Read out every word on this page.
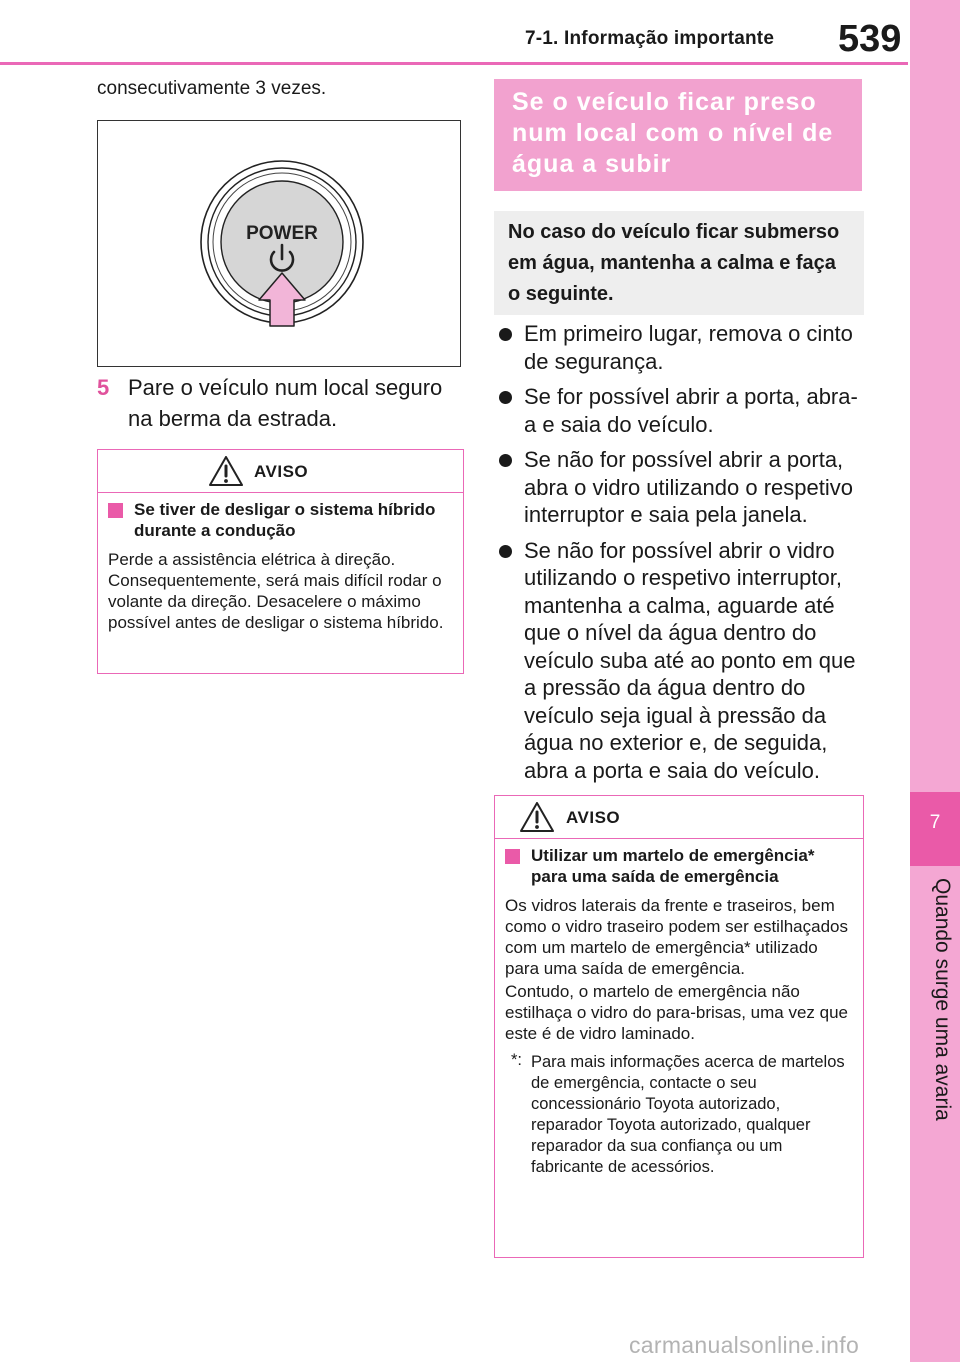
7-1. Informação importante 539
7
Quando surge uma avaria
consecutivamente 3 vezes.
POWER
5 Pare o veículo num local seguro na berma da estrada.
AVISO
Se tiver de desligar o sistema híbrido durante a condução
Perde a assistência elétrica à direção. Consequentemente, será mais difícil rodar o volante da direção. Desacelere o máximo possível antes de desligar o sistema híbrido.
Se o veículo ficar preso num local com o nível de água a subir
No caso do veículo ficar submerso em água, mantenha a calma e faça o seguinte.
Em primeiro lugar, remova o cinto de segurança.
Se for possível abrir a porta, abra-a e saia do veículo.
Se não for possível abrir a porta, abra o vidro utilizando o respetivo interruptor e saia pela janela.
Se não for possível abrir o vidro utilizando o respetivo interruptor, mantenha a calma, aguarde até que o nível da água dentro do veículo suba até ao ponto em que a pressão da água dentro do veículo seja igual à pressão da água no exterior e, de seguida, abra a porta e saia do veículo.
AVISO
Utilizar um martelo de emergência* para uma saída de emergência
Os vidros laterais da frente e traseiros, bem como o vidro traseiro podem ser estilhaçados com um martelo de emergência* utilizado para uma saída de emergência.
Contudo, o martelo de emergência não estilhaça o vidro do para-brisas, uma vez que este é de vidro laminado.
*: Para mais informações acerca de martelos de emergência, contacte o seu concessionário Toyota autorizado, reparador Toyota autorizado, qualquer reparador da sua confiança ou um fabricante de acessórios.
carmanualsonline.info
